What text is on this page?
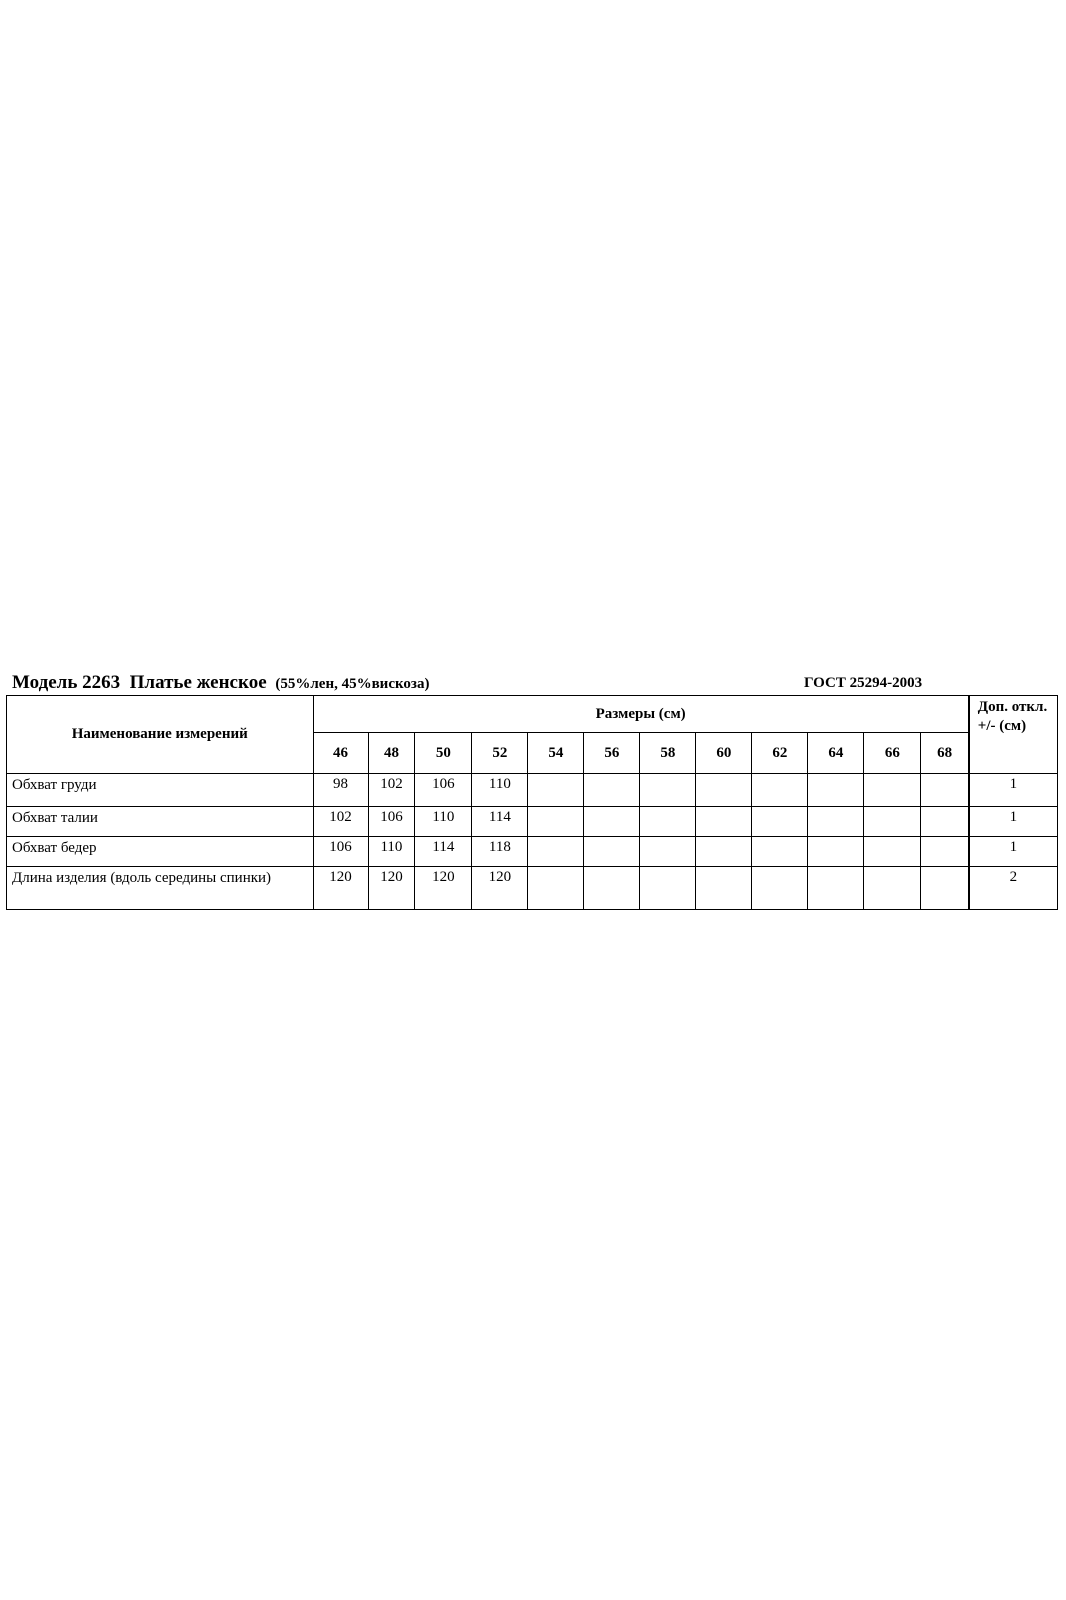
Модель 2263 Платье женское (55%лен, 45%вискоза)	ГОСТ 25294-2003
Наименование измерений	Размеры (см)												Доп. откл. +/- (см)
	46	48	50	52	54	56	58	60	62	64	66	68	
Обхват груди	98	102	106	110									1
Обхват талии	102	106	110	114									1
Обхват бедер	106	110	114	118									1
Длина изделия (вдоль середины спинки)	120	120	120	120									2
